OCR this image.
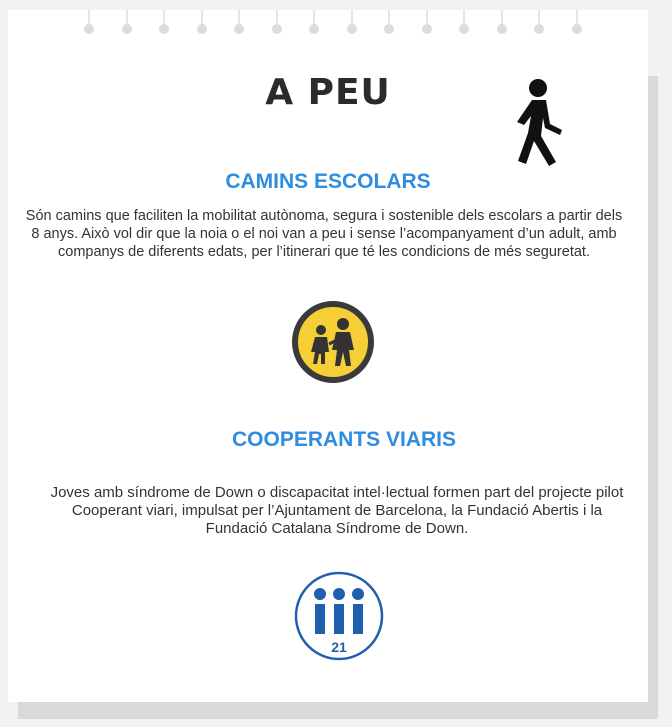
A PEU
CAMINS ESCOLARS
Són camins que faciliten la mobilitat autònoma, segura i sostenible dels escolars a partir dels 8 anys. Això vol dir que la noia o el noi van a peu i sense l’acompanyament d’un adult, amb companys de diferents edats, per l’itinerari que té les condicions de més seguretat.
COOPERANTS VIARIS
Joves amb síndrome de Down o discapacitat intel·lectual formen part del projecte pilot Cooperant viari, impulsat per l’Ajuntament de Barcelona, la Fundació Abertis i la Fundació Catalana Síndrome de Down.
21
